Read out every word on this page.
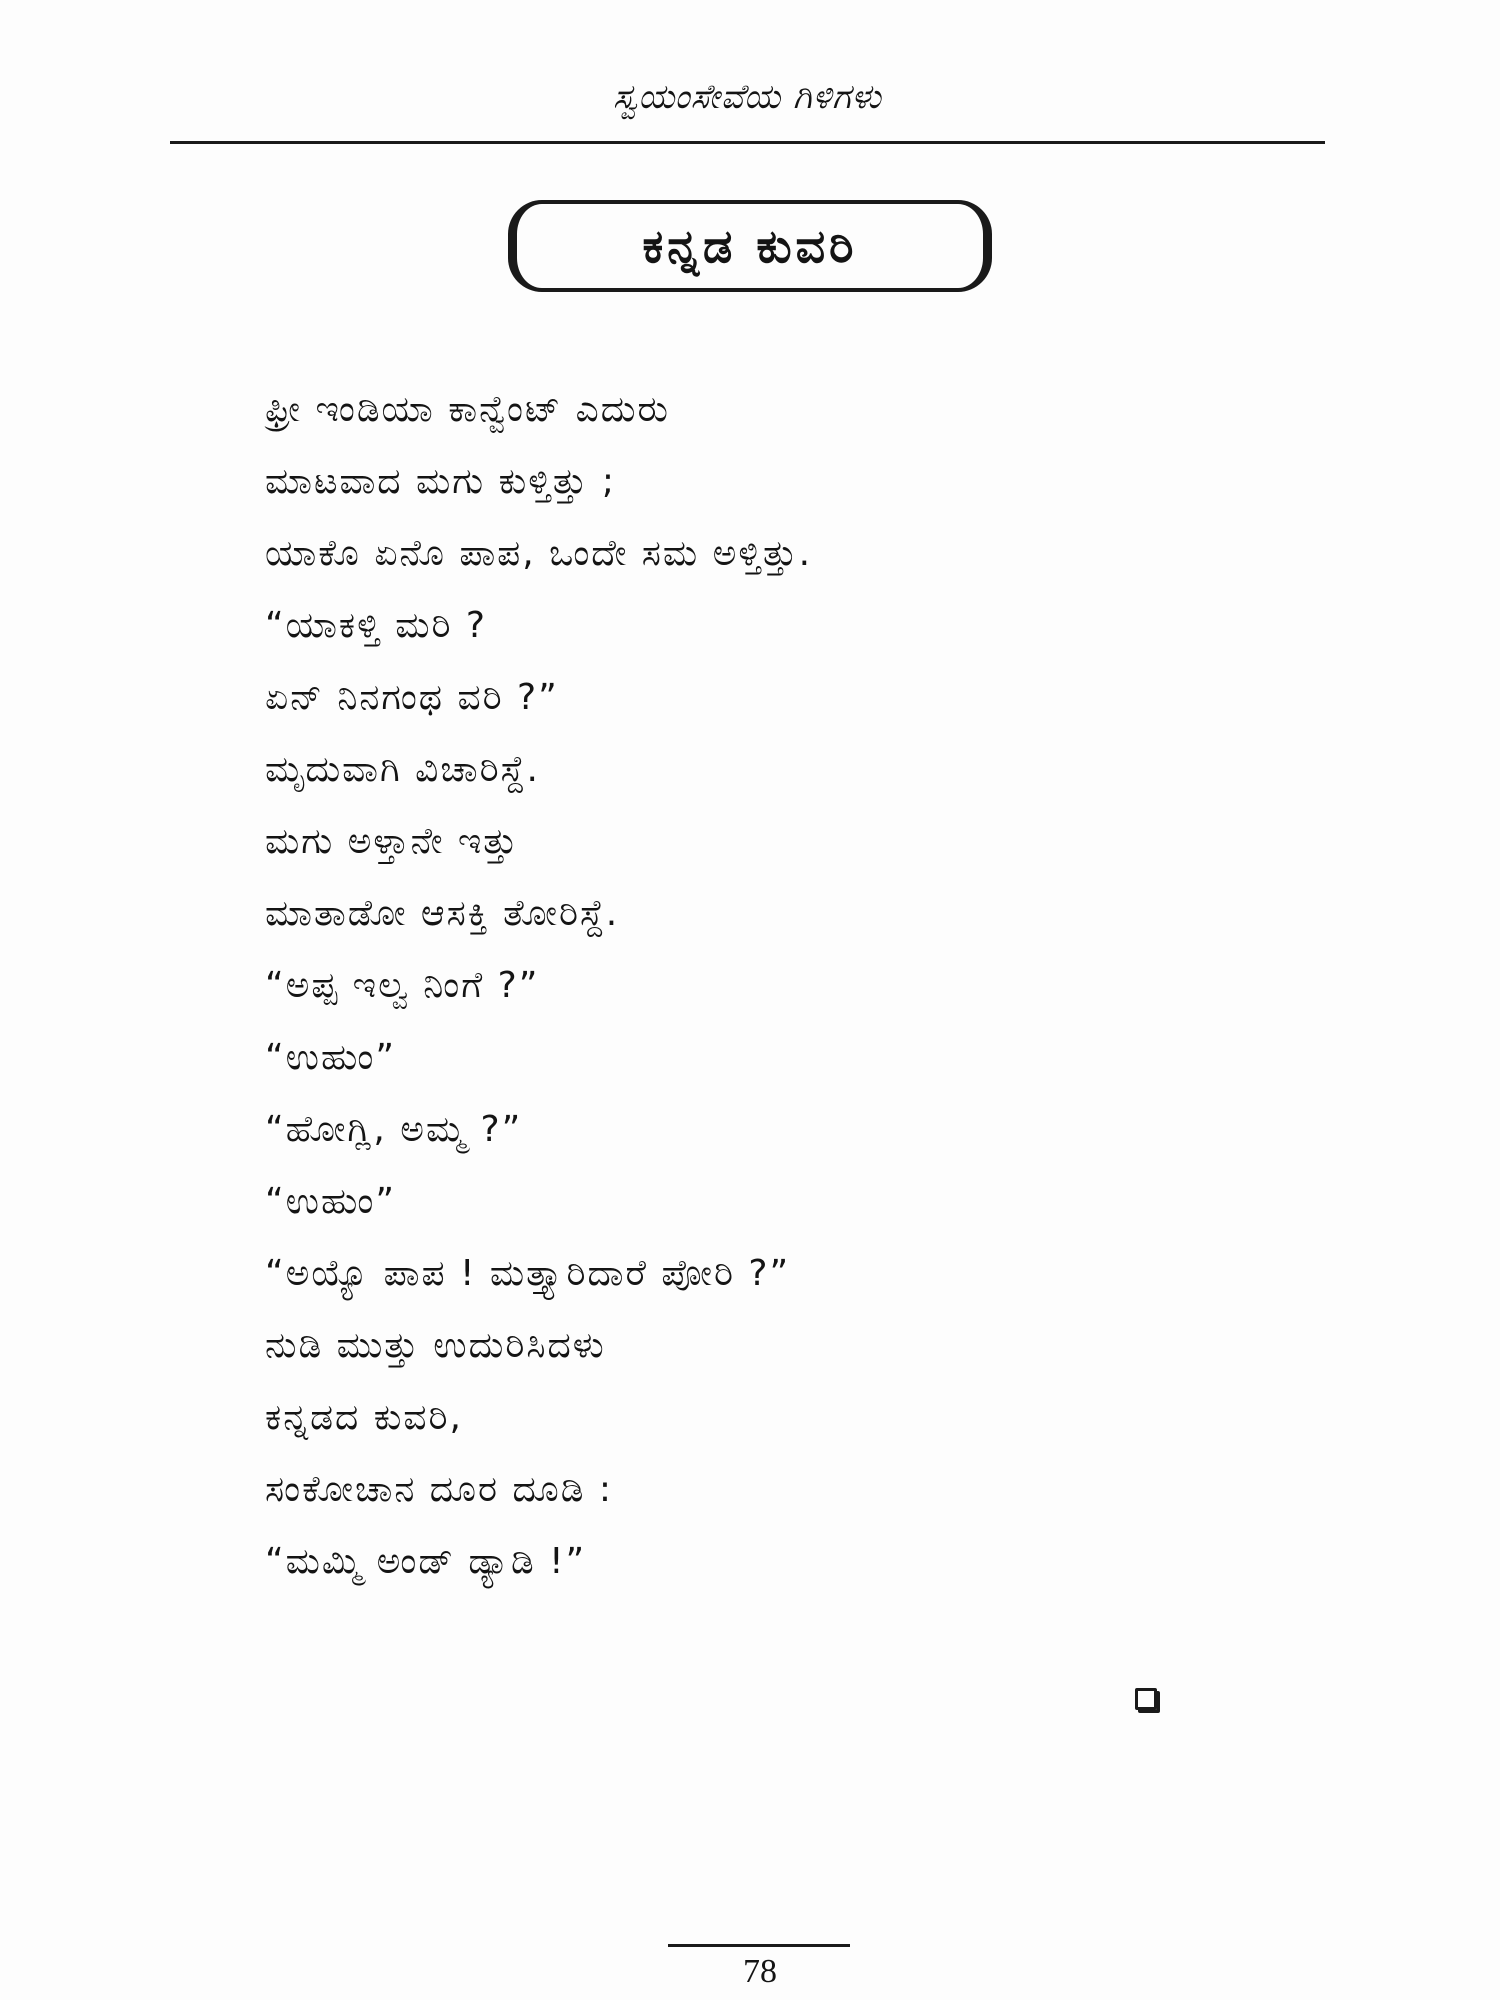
ಸ್ವಯಂಸೇವೆಯ ಗಿಳಿಗಳು
ಕನ್ನಡ ಕುವರಿ
ಫ್ರೀ ಇಂಡಿಯಾ ಕಾನ್ವೆಂಟ್ ಎದುರು
ಮಾಟವಾದ ಮಗು ಕುಳ್ತಿತ್ತು ;
ಯಾಕೊ ಏನೊ ಪಾಪ, ಒಂದೇ ಸಮ ಅಳ್ತಿತ್ತು.
“ಯಾಕಳ್ತಿ ಮರಿ ?
ಏನ್ ನಿನಗಂಥ ವರಿ ?”
ಮೃದುವಾಗಿ ವಿಚಾರಿಸ್ದೆ.
ಮಗು ಅಳ್ತಾನೇ ಇತ್ತು
ಮಾತಾಡೋ ಆಸಕ್ತಿ ತೋರಿಸ್ದೆ.
“ಅಪ್ಪ ಇಲ್ವ ನಿಂಗೆ ?”
“ಉಹುಂ”
“ಹೋಗ್ಲಿ, ಅಮ್ಮ ?”
“ಉಹುಂ”
“ಅಯ್ಯೊ ಪಾಪ ! ಮತ್ತ್ಯಾರಿದಾರೆ ಪೋರಿ ?”
ನುಡಿ ಮುತ್ತು ಉದುರಿಸಿದಳು
ಕನ್ನಡದ ಕುವರಿ,
ಸಂಕೋಚಾನ ದೂರ ದೂಡಿ :
“ಮಮ್ಮಿ ಅಂಡ್ ಡ್ಯಾಡಿ !”
78
